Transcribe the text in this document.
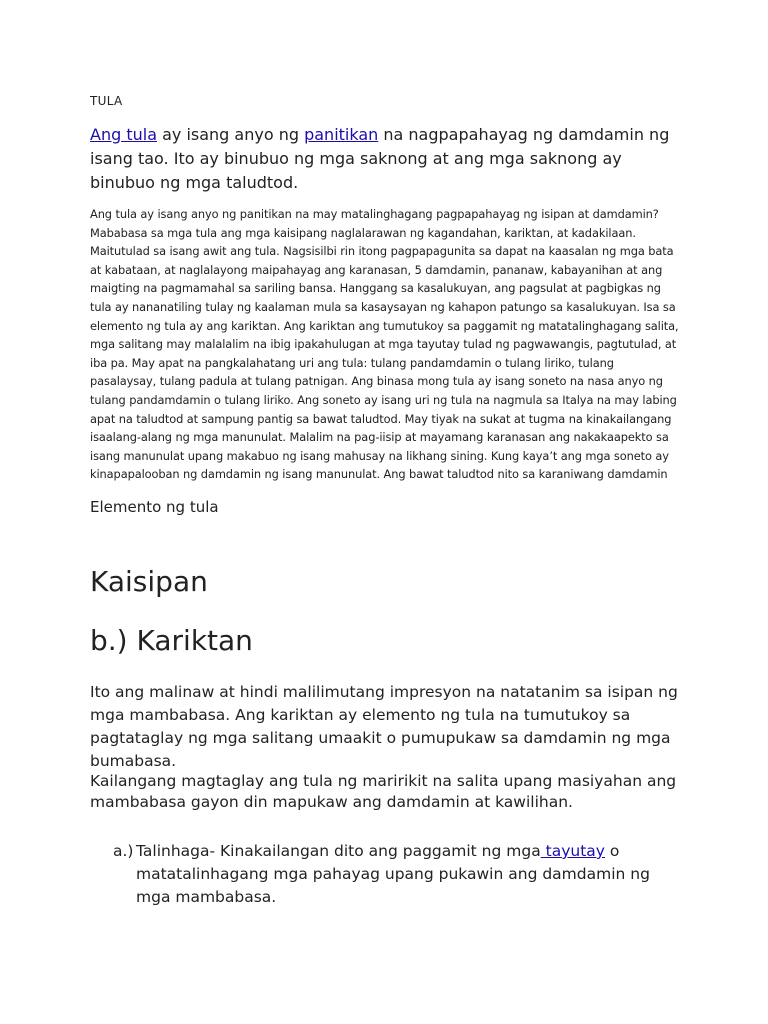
TULA

Ang tula ay isang anyo ng panitikan na nagpapahayag ng damdamin ng isang tao. Ito ay binubuo ng mga saknong at ang mga saknong ay binubuo ng mga taludtod.

Ang tula ay isang anyo ng panitikan na may matalinghagang pagpapahayag ng isipan at damdamin? Mababasa sa mga tula ang mga kaisipang naglalarawan ng kagandahan, kariktan, at kadakilaan. Maitutulad sa isang awit ang tula. Nagsisilbi rin itong pagpapagunita sa dapat na kaasalan ng mga bata at kabataan, at naglalayong maipahayag ang karanasan, 5 damdamin, pananaw, kabayanihan at ang maigting na pagmamahal sa sariling bansa. Hanggang sa kasalukuyan, ang pagsulat at pagbigkas ng tula ay nananatiling tulay ng kaalaman mula sa kasaysayan ng kahapon patungo sa kasalukuyan. Isa sa elemento ng tula ay ang kariktan. Ang kariktan ang tumutukoy sa paggamit ng matatalinghagang salita, mga salitang may malalalim na ibig ipakahulugan at mga tayutay tulad ng pagwawangis, pagtutulad, at iba pa. May apat na pangkalahatang uri ang tula: tulang pandamdamin o tulang liriko, tulang pasalaysay, tulang padula at tulang patnigan. Ang binasa mong tula ay isang soneto na nasa anyo ng tulang pandamdamin o tulang liriko. Ang soneto ay isang uri ng tula na nagmula sa Italya na may labing apat na taludtod at sampung pantig sa bawat taludtod. May tiyak na sukat at tugma na kinakailangang isaalang-alang ng mga manunulat. Malalim na pag-iisip at mayamang karanasan ang nakakaapekto sa isang manunulat upang makabuo ng isang mahusay na likhang sining. Kung kaya’t ang mga soneto ay kinapapalooban ng damdamin ng isang manunulat. Ang bawat taludtod nito sa karaniwang damdamin

Elemento ng tula
Kaisipan
b.) Kariktan

Ito ang malinaw at hindi malilimutang impresyon na natatanim sa isipan ng mga mambabasa. Ang kariktan ay elemento ng tula na tumutukoy sa pagtataglay ng mga salitang umaakit o pumupukaw sa damdamin ng mga bumabasa.

Kailangang magtaglay ang tula ng maririkit na salita upang masiyahan ang mambabasa gayon din mapukaw ang damdamin at kawilihan.

a.) Talinhaga- Kinakailangan dito ang paggamit ng mga tayutay o matatalinhagang mga pahayag upang pukawin ang damdamin ng mga mambabasa.
